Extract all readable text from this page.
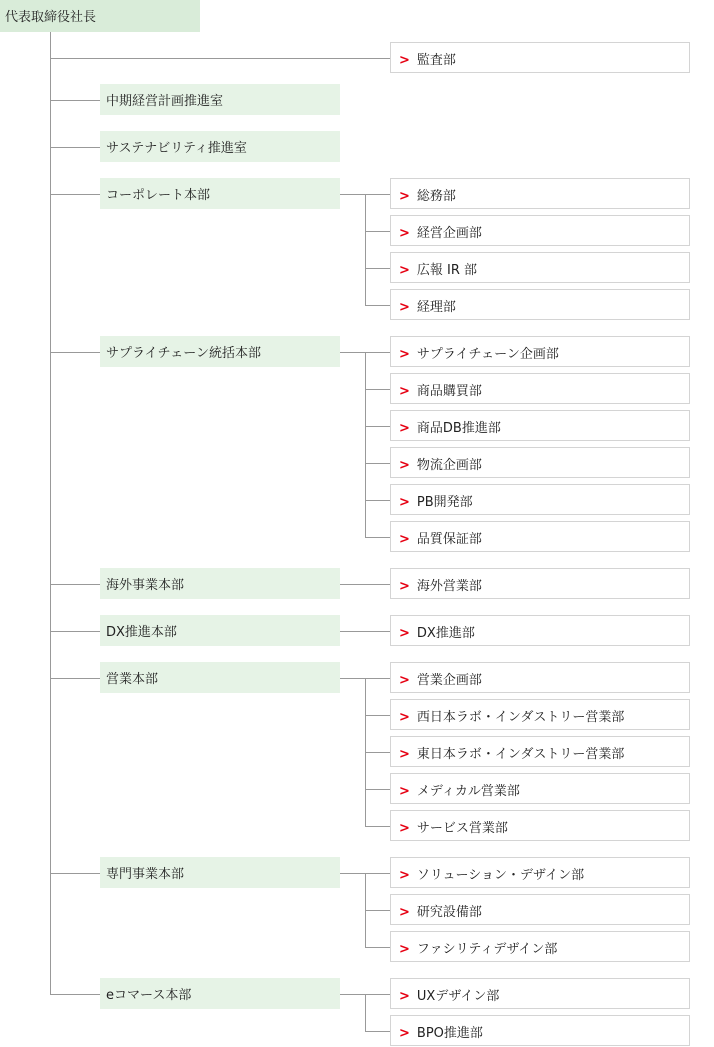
代表取締役社長
> 監査部
中期経営計画推進室
サステナビリティ推進室
コーポレート本部	> 総務部
> 経営企画部
> 広報 IR 部
> 経理部
サプライチェーン統括本部	> サプライチェーン企画部
> 商品購買部
> 商品DB推進部
> 物流企画部
> PB開発部
> 品質保証部
海外事業本部	> 海外営業部
DX推進本部	> DX推進部
営業本部	> 営業企画部
> 西日本ラボ・インダストリー営業部
> 東日本ラボ・インダストリー営業部
> メディカル営業部
> サービス営業部
専門事業本部	> ソリューション・デザイン部
> 研究設備部
> ファシリティデザイン部
eコマース本部	> UXデザイン部
> BPO推進部
